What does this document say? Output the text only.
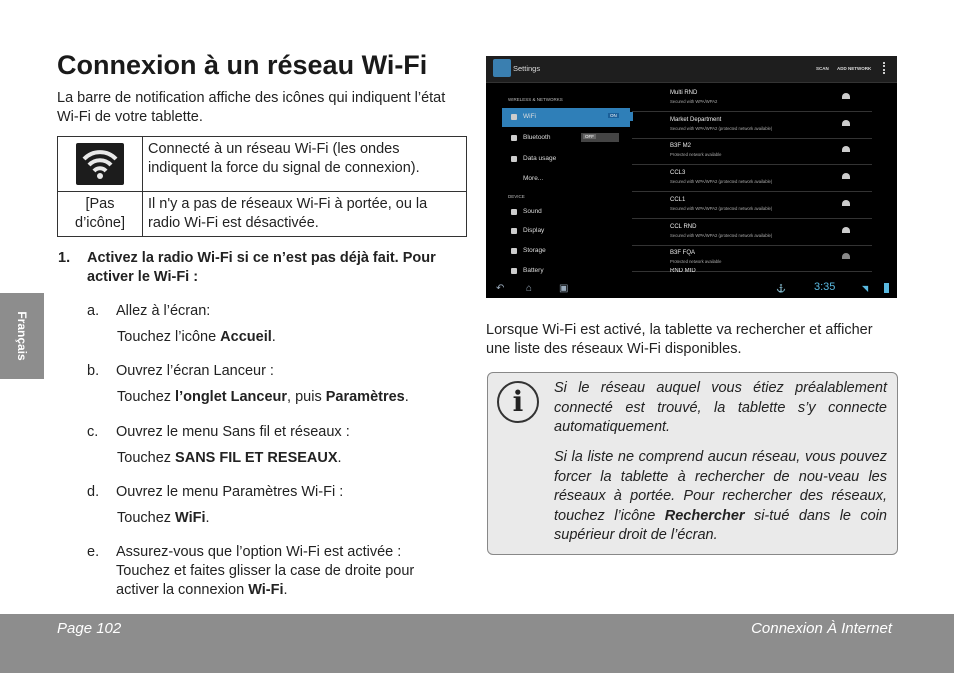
Connexion à un réseau Wi-Fi
La barre de notification affiche des icônes qui indiquent l’état Wi-Fi de votre tablette.
	Connecté à un réseau Wi-Fi (les ondes indiquent la force du signal de connexion).
[Pas d’icône]	Il n'y a pas de réseaux Wi-Fi à portée, ou la radio Wi-Fi est désactivée.
1. Activez la radio Wi-Fi si ce n’est pas déjà fait. Pour activer le Wi-Fi :
a. Allez à l’écran:
Touchez l’icône Accueil.
b. Ouvrez l’écran Lanceur :
Touchez l’onglet Lanceur, puis Paramètres.
c. Ouvrez le menu Sans fil et réseaux :
Touchez SANS FIL ET RESEAUX.
d. Ouvrez le menu Paramètres Wi-Fi :
Touchez WiFi.
e. Assurez-vous que l’option Wi-Fi est activée :
Touchez et faites glisser la case de droite pour
activer la connexion Wi-Fi.
Français
Settings	SCAN ADD NETWORK
WIRELESS & NETWORKS
WiFi	ON
Bluetooth	OFF
Data usage
More...
DEVICE
Sound
Display
Storage
Battery
Multi RND
Secured with WPA/WPA2
Market Department
Secured with WPA/WPA2 (protected network available)
B3F M2
Protected network available
CCL3
Secured with WPA/WPA2 (protected network available)
CCL1
Secured with WPA/WPA2 (protected network available)
CCL RND
Secured with WPA/WPA2 (protected network available)
B3F FQA
Protected network available
RND MID
↶ ⌂	▣	⚓	3:35	◥
Lorsque Wi-Fi est activé, la tablette va rechercher et afficher une liste des réseaux Wi-Fi disponibles.
i	Si le réseau auquel vous étiez préalablement connecté est trouvé, la tablette s’y connecte automatiquement.
Si la liste ne comprend aucun réseau, vous pouvez forcer la tablette à rechercher de nou-veau les réseaux à portée. Pour rechercher des réseaux, touchez l’icône Rechercher si-tué dans le coin supérieur droit de l’écran.
Page 102	Connexion À Internet
